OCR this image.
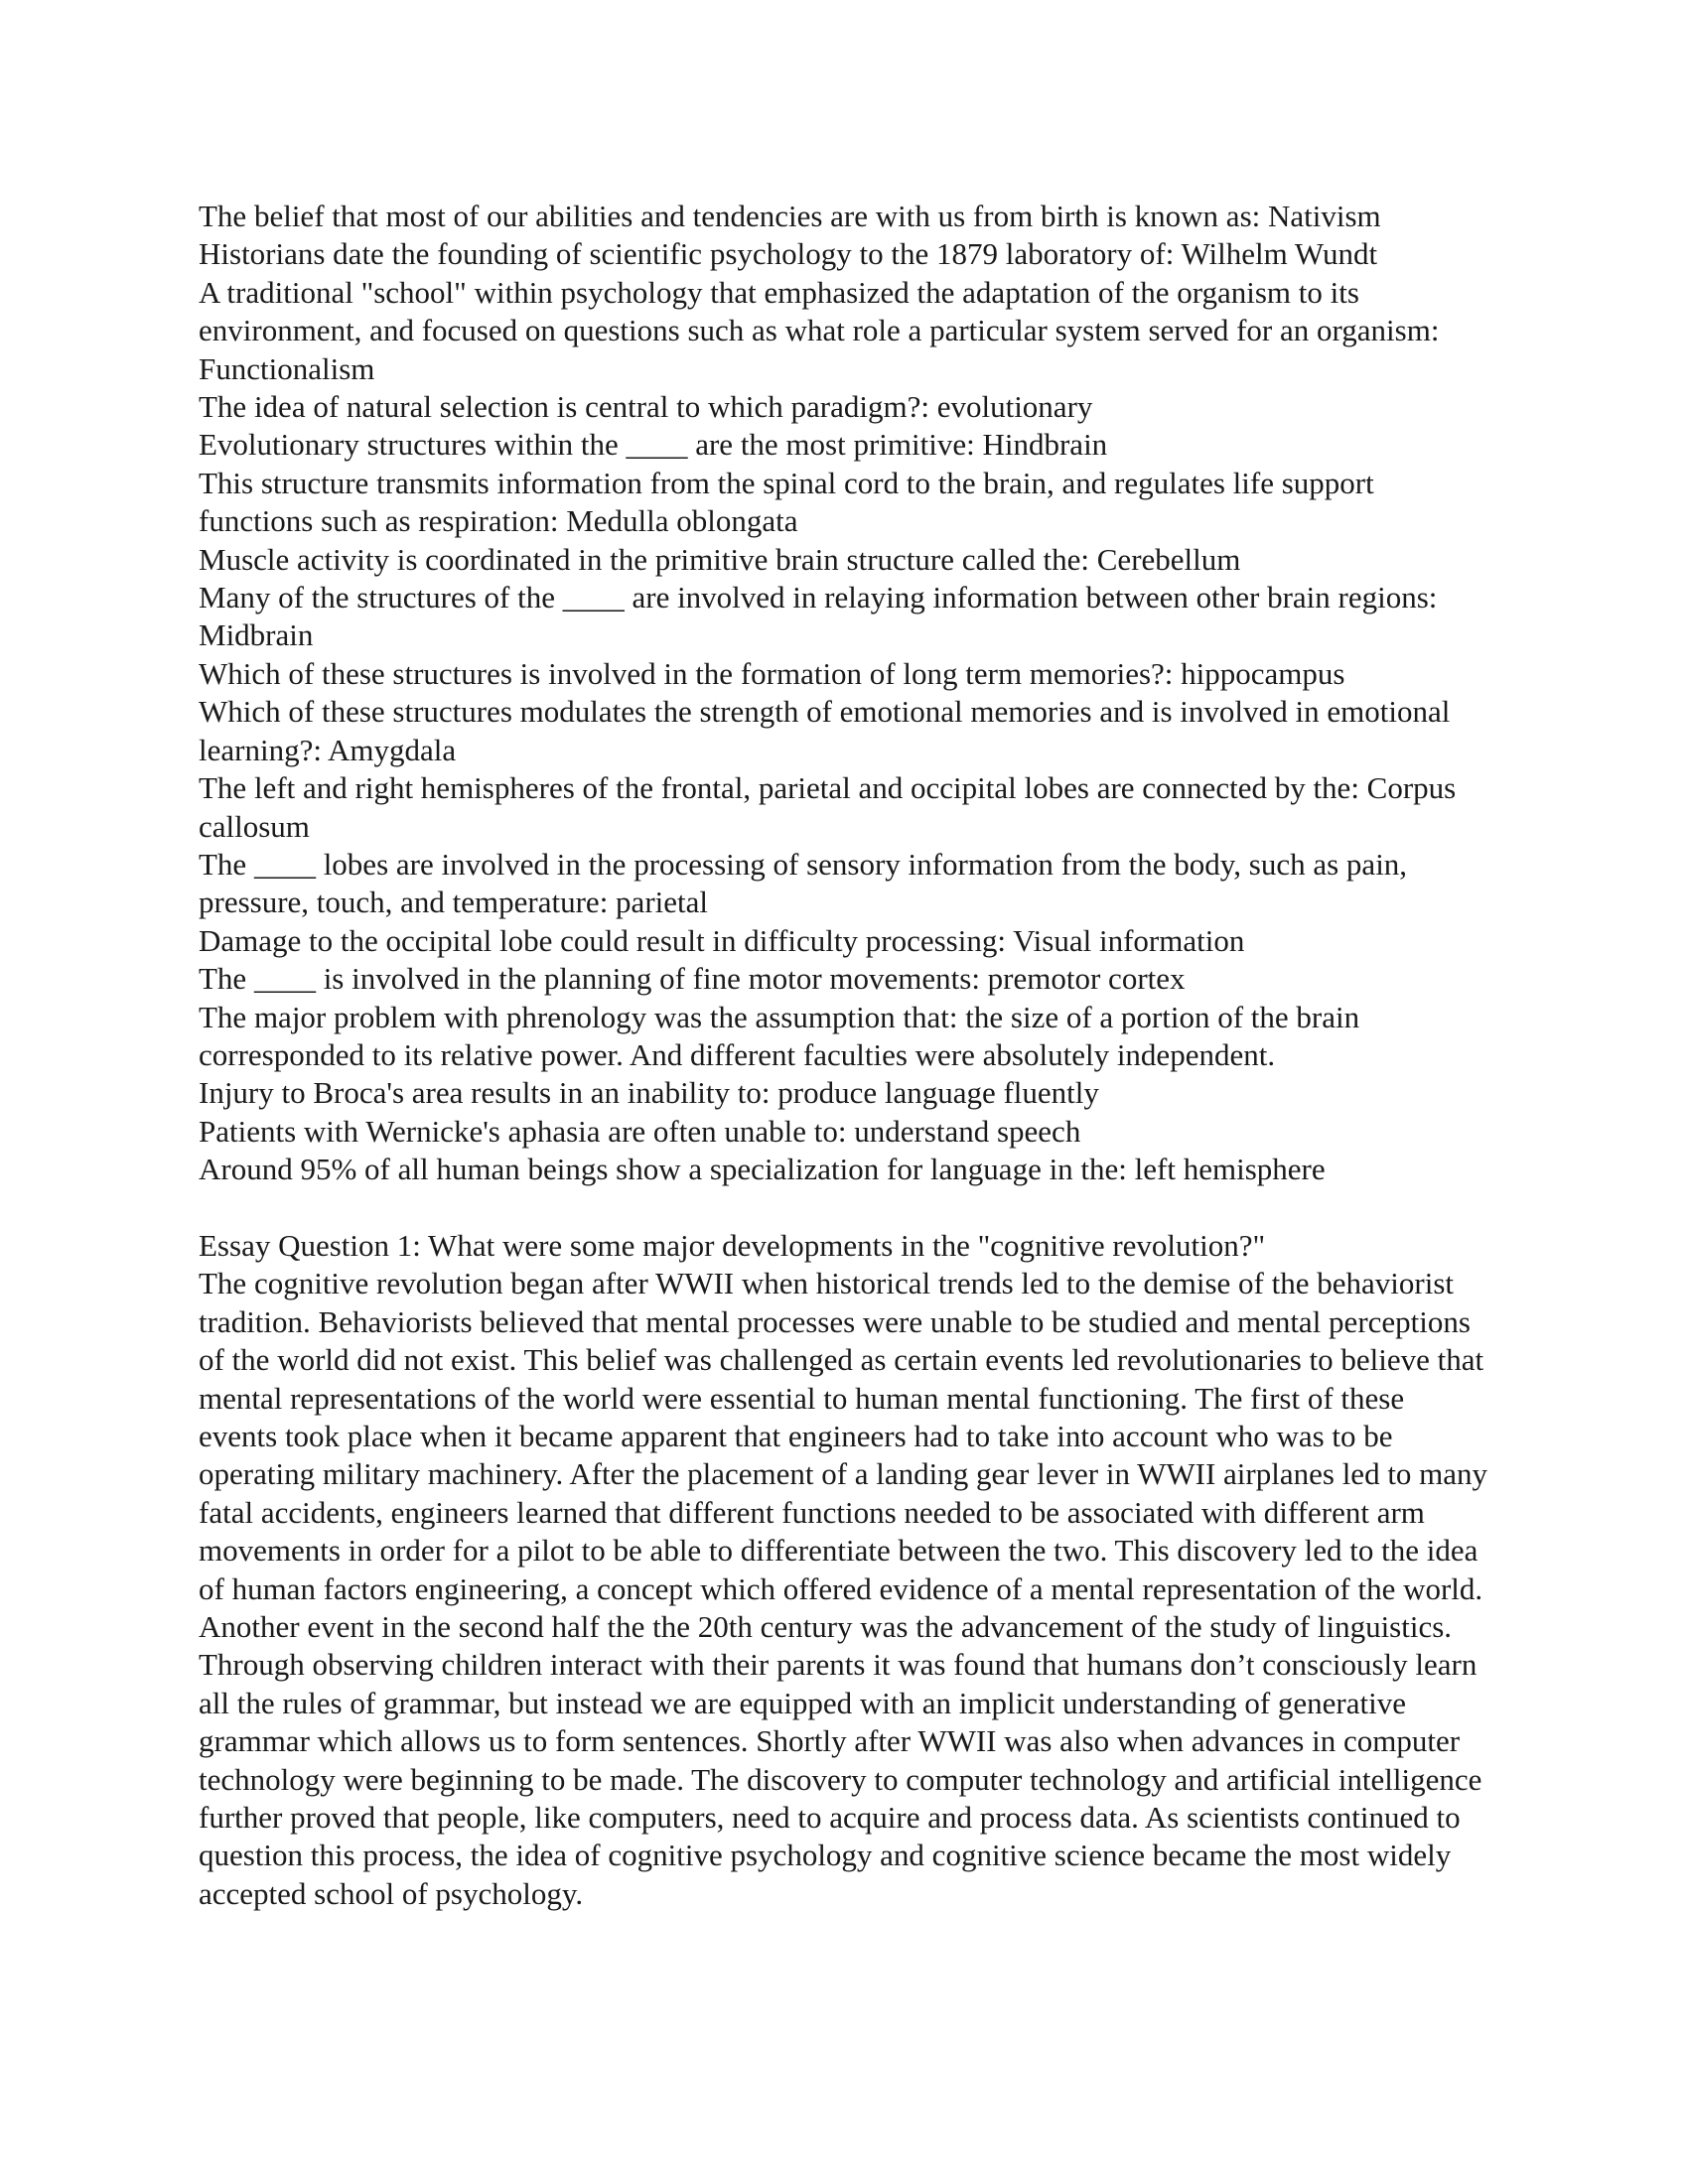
The belief that most of our abilities and tendencies are with us from birth is known as: Nativism

Historians date the founding of scientific psychology to the 1879 laboratory of: Wilhelm Wundt

A traditional "school" within psychology that emphasized the adaptation of the organism to its environment, and focused on questions such as what role a particular system served for an organism: Functionalism

The idea of natural selection is central to which paradigm?: evolutionary

Evolutionary structures within the ____ are the most primitive: Hindbrain

This structure transmits information from the spinal cord to the brain, and regulates life support functions such as respiration: Medulla oblongata

Muscle activity is coordinated in the primitive brain structure called the: Cerebellum

Many of the structures of the ____ are involved in relaying information between other brain regions: Midbrain

Which of these structures is involved in the formation of long term memories?: hippocampus

Which of these structures modulates the strength of emotional memories and is involved in emotional learning?: Amygdala

The left and right hemispheres of the frontal, parietal and occipital lobes are connected by the: Corpus callosum

The ____ lobes are involved in the processing of sensory information from the body, such as pain, pressure, touch, and temperature: parietal

Damage to the occipital lobe could result in difficulty processing: Visual information

The ____ is involved in the planning of fine motor movements: premotor cortex

The major problem with phrenology was the assumption that: the size of a portion of the brain corresponded to its relative power. And different faculties were absolutely independent.

Injury to Broca's area results in an inability to: produce language fluently

Patients with Wernicke's aphasia are often unable to: understand speech

Around 95% of all human beings show a specialization for language in the: left hemisphere

Essay Question 1: What were some major developments in the "cognitive revolution?"

The cognitive revolution began after WWII when historical trends led to the demise of the behaviorist tradition. Behaviorists believed that mental processes were unable to be studied and mental perceptions of the world did not exist. This belief was challenged as certain events led revolutionaries to believe that mental representations of the world were essential to human mental functioning. The first of these events took place when it became apparent that engineers had to take into account who was to be operating military machinery. After the placement of a landing gear lever in WWII airplanes led to many fatal accidents, engineers learned that different functions needed to be associated with different arm movements in order for a pilot to be able to differentiate between the two. This discovery led to the idea of human factors engineering, a concept which offered evidence of a mental representation of the world. Another event in the second half the the 20th century was the advancement of the study of linguistics. Through observing children interact with their parents it was found that humans don’t consciously learn all the rules of grammar, but instead we are equipped with an implicit understanding of generative grammar which allows us to form sentences. Shortly after WWII was also when advances in computer technology were beginning to be made. The discovery to computer technology and artificial intelligence further proved that people, like computers, need to acquire and process data. As scientists continued to question this process, the idea of cognitive psychology and cognitive science became the most widely accepted school of psychology.
